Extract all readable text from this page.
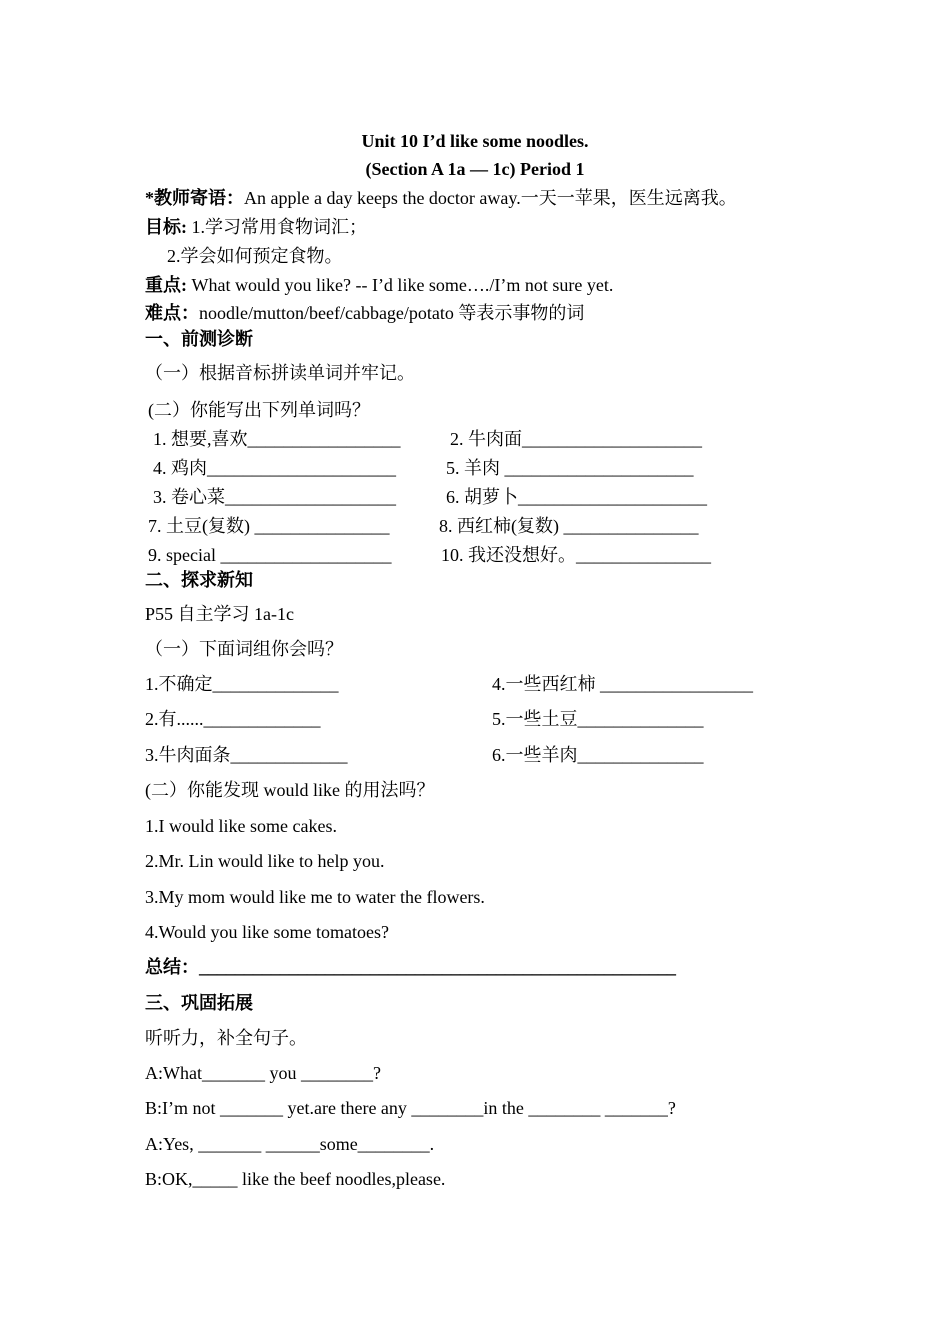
Unit 10 I’d like some noodles.
(Section A 1a — 1c) Period 1
*教师寄语：An apple a day keeps the doctor away.一天一苹果，医生远离我。
目标: 1.学习常用食物词汇；
2.学会如何预定食物。
重点: What would you like? -- I’d like some…./I’m not sure yet.
难点：noodle/mutton/beef/cabbage/potato 等表示事物的词
一、前测诊断
（一）根据音标拼读单词并牢记。
(二）你能写出下列单词吗？
1. 想要,喜欢_________________	2. 牛肉面____________________
4. 鸡肉_____________________	5. 羊肉 _____________________
3. 卷心菜___________________	6. 胡萝卜_____________________
7. 土豆(复数) _______________	8. 西红柿(复数) _______________
9. special ___________________	10. 我还没想好。_______________
二、探求新知
P55 自主学习 1a-1c
（一）下面词组你会吗？
1.不确定______________	4.一些西红柿 _________________
2.有......_____________	5.一些土豆______________
3.牛肉面条_____________	6.一些羊肉______________
(二）你能发现 would like 的用法吗？
1.I would like some cakes.
2.Mr. Lin would like to help you.
3.My mom would like me to water the flowers.
4.Would you like some tomatoes?
总结：_____________________________________________________
三、巩固拓展
听听力，补全句子。
A:What_______ you ________?
B:I’m not _______ yet.are there any ________in the ________ _______?
A:Yes, _______ ______some________.
B:OK,_____ like the beef noodles,please.
